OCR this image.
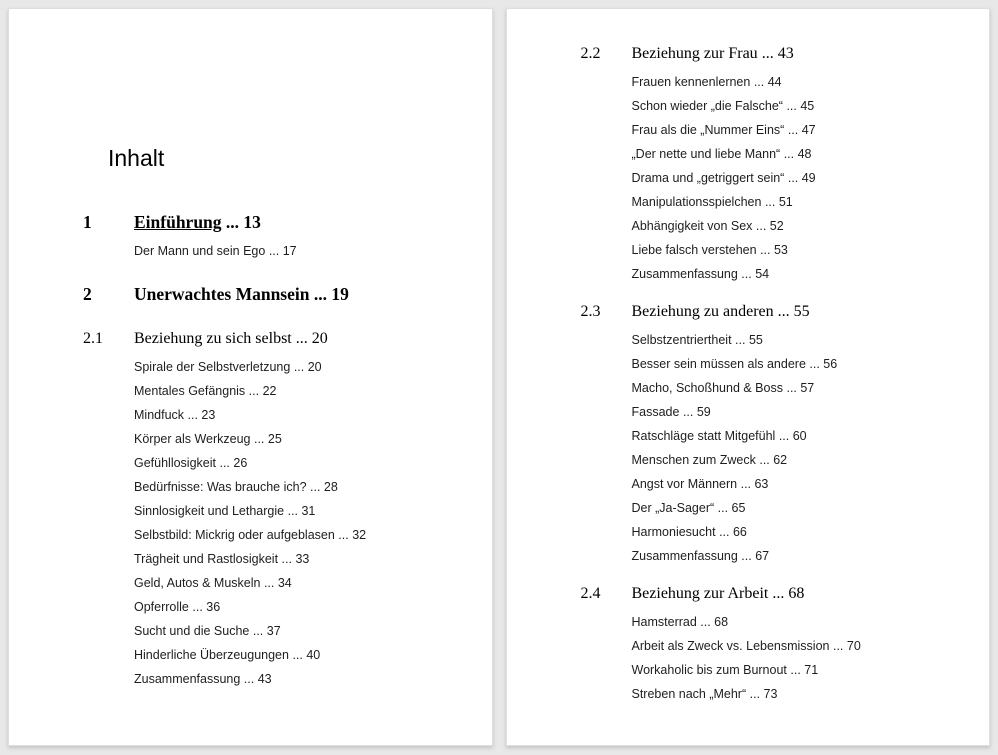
Inhalt
1	Einführung ... 13
Der Mann und sein Ego ... 17
2	Unerwachtes Mannsein ... 19
2.1	Beziehung zu sich selbst ... 20
Spirale der Selbstverletzung ... 20
Mentales Gefängnis ... 22
Mindfuck ... 23
Körper als Werkzeug ... 25
Gefühllosigkeit ... 26
Bedürfnisse: Was brauche ich? ... 28
Sinnlosigkeit und Lethargie ... 31
Selbstbild: Mickrig oder aufgeblasen ... 32
Trägheit und Rastlosigkeit ... 33
Geld, Autos & Muskeln ... 34
Opferrolle ... 36
Sucht und die Suche ... 37
Hinderliche Überzeugungen ... 40
Zusammenfassung ... 43
2.2	Beziehung zur Frau ... 43
Frauen kennenlernen ... 44
Schon wieder „die Falsche“ ... 45
Frau als die „Nummer Eins“ ... 47
„Der nette und liebe Mann“ ... 48
Drama und „getriggert sein“ ... 49
Manipulationsspielchen ... 51
Abhängigkeit von Sex ... 52
Liebe falsch verstehen ... 53
Zusammenfassung ... 54
2.3	Beziehung zu anderen ... 55
Selbstzentriertheit ... 55
Besser sein müssen als andere ... 56
Macho, Schoßhund & Boss ... 57
Fassade ... 59
Ratschläge statt Mitgefühl ... 60
Menschen zum Zweck ... 62
Angst vor Männern ... 63
Der „Ja-Sager“ ... 65
Harmoniesucht ... 66
Zusammenfassung ... 67
2.4	Beziehung zur Arbeit ... 68
Hamsterrad ... 68
Arbeit als Zweck vs. Lebensmission ... 70
Workaholic bis zum Burnout ... 71
Streben nach „Mehr“ ... 73
